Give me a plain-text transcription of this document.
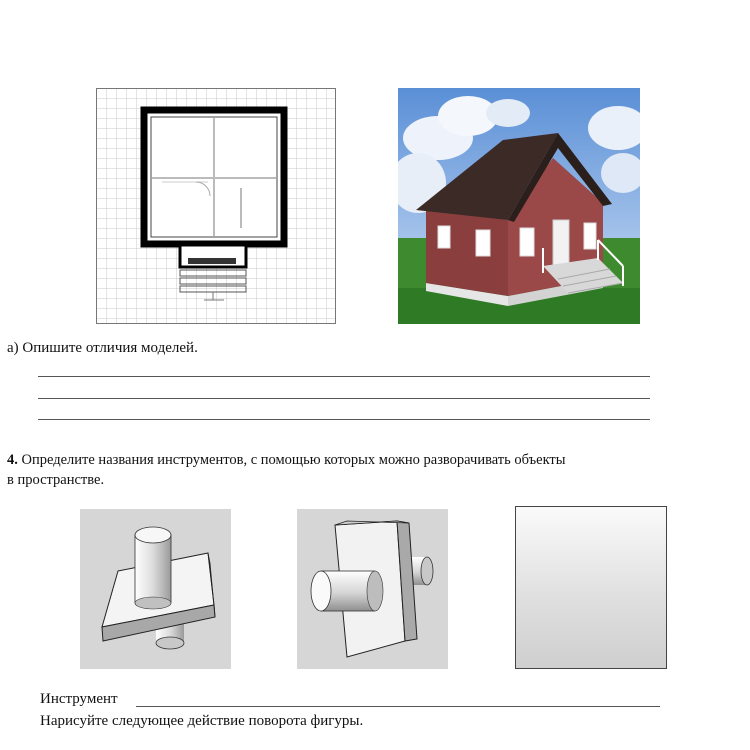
а) Опишите отличия моделей.
4. Определите названия инструментов, с помощью которых можно разворачивать объекты
в пространстве.
Инструмент
Нарисуйте следующее действие поворота фигуры.
